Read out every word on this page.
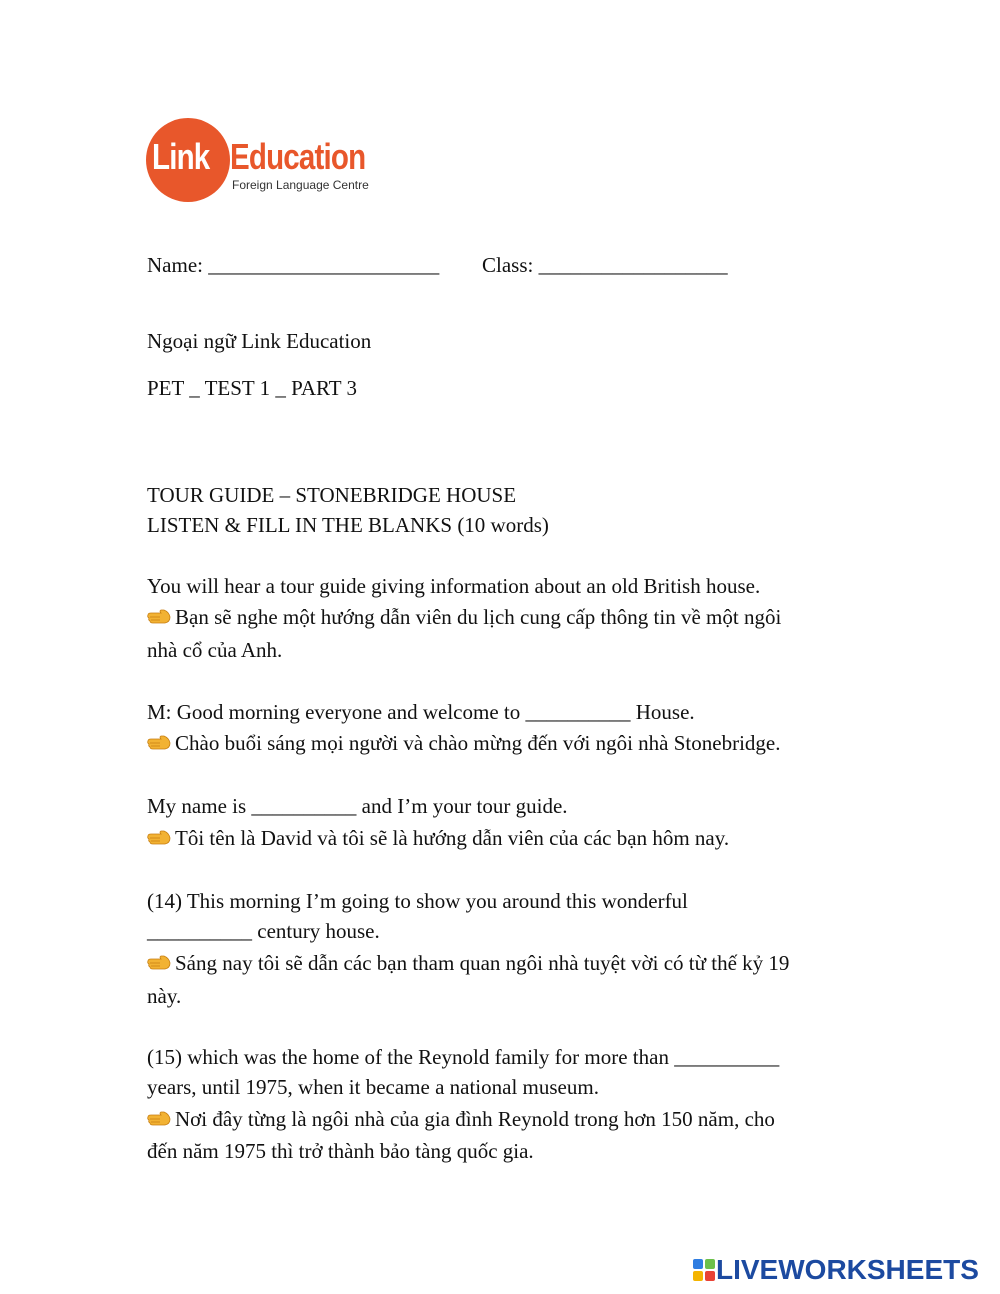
Link Education
Foreign Language Centre
Name: ______________________ Class: __________________
Ngoại ngữ Link Education
PET _ TEST 1 _ PART 3
TOUR GUIDE – STONEBRIDGE HOUSE
LISTEN & FILL IN THE BLANKS (10 words)
You will hear a tour guide giving information about an old British house.
Bạn sẽ nghe một hướng dẫn viên du lịch cung cấp thông tin về một ngôi
nhà cổ của Anh.
M: Good morning everyone and welcome to __________ House.
Chào buổi sáng mọi người và chào mừng đến với ngôi nhà Stonebridge.
My name is __________ and I’m your tour guide.
Tôi tên là David và tôi sẽ là hướng dẫn viên của các bạn hôm nay.
(14) This morning I’m going to show you around this wonderful
__________ century house.
Sáng nay tôi sẽ dẫn các bạn tham quan ngôi nhà tuyệt vời có từ thế kỷ 19
này.
(15) which was the home of the Reynold family for more than __________
years, until 1975, when it became a national museum.
Nơi đây từng là ngôi nhà của gia đình Reynold trong hơn 150 năm, cho
đến năm 1975 thì trở thành bảo tàng quốc gia.
LIVEWORKSHEETS
